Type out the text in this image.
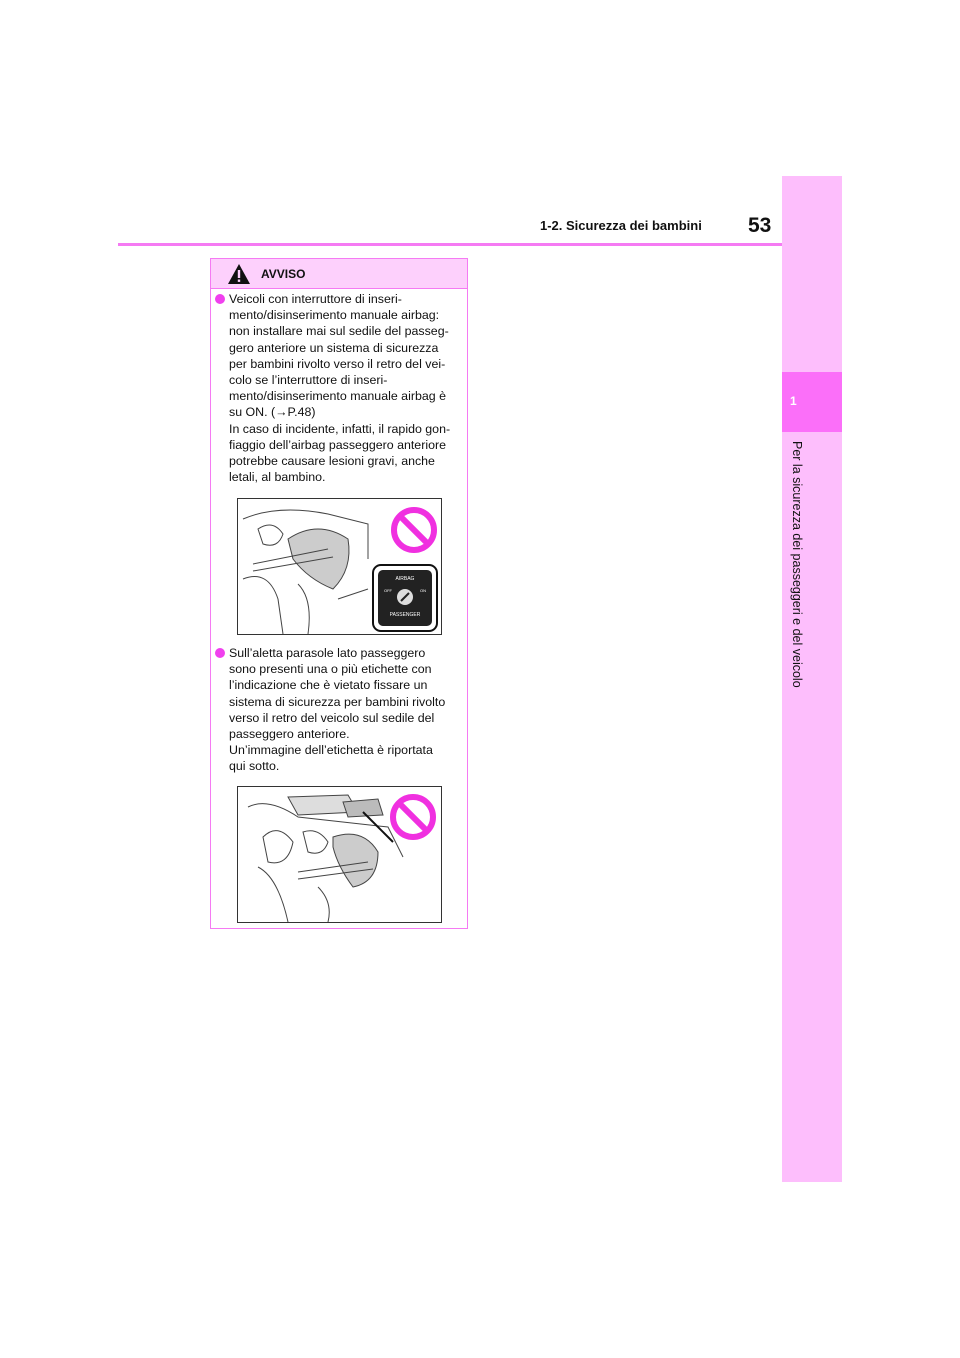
1
Per la sicurezza dei passeggeri e del veicolo
1-2. Sicurezza dei bambini 53
AVVISO
Veicoli con interruttore di inseri-
mento/disinserimento manuale airbag:
non installare mai sul sedile del passeg-
gero anteriore un sistema di sicurezza
per bambini rivolto verso il retro del vei-
colo se l’interruttore di inseri-
mento/disinserimento manuale airbag è
su ON. (→P.48)
In caso di incidente, infatti, il rapido gon-
fiaggio dell’airbag passeggero anteriore
potrebbe causare lesioni gravi, anche
letali, al bambino.
AIRBAG
OFF	ON
PASSENGER
Sull’aletta parasole lato passeggero
sono presenti una o più etichette con
l’indicazione che è vietato fissare un
sistema di sicurezza per bambini rivolto
verso il retro del veicolo sul sedile del
passeggero anteriore.
Un’immagine dell’etichetta è riportata
qui sotto.
